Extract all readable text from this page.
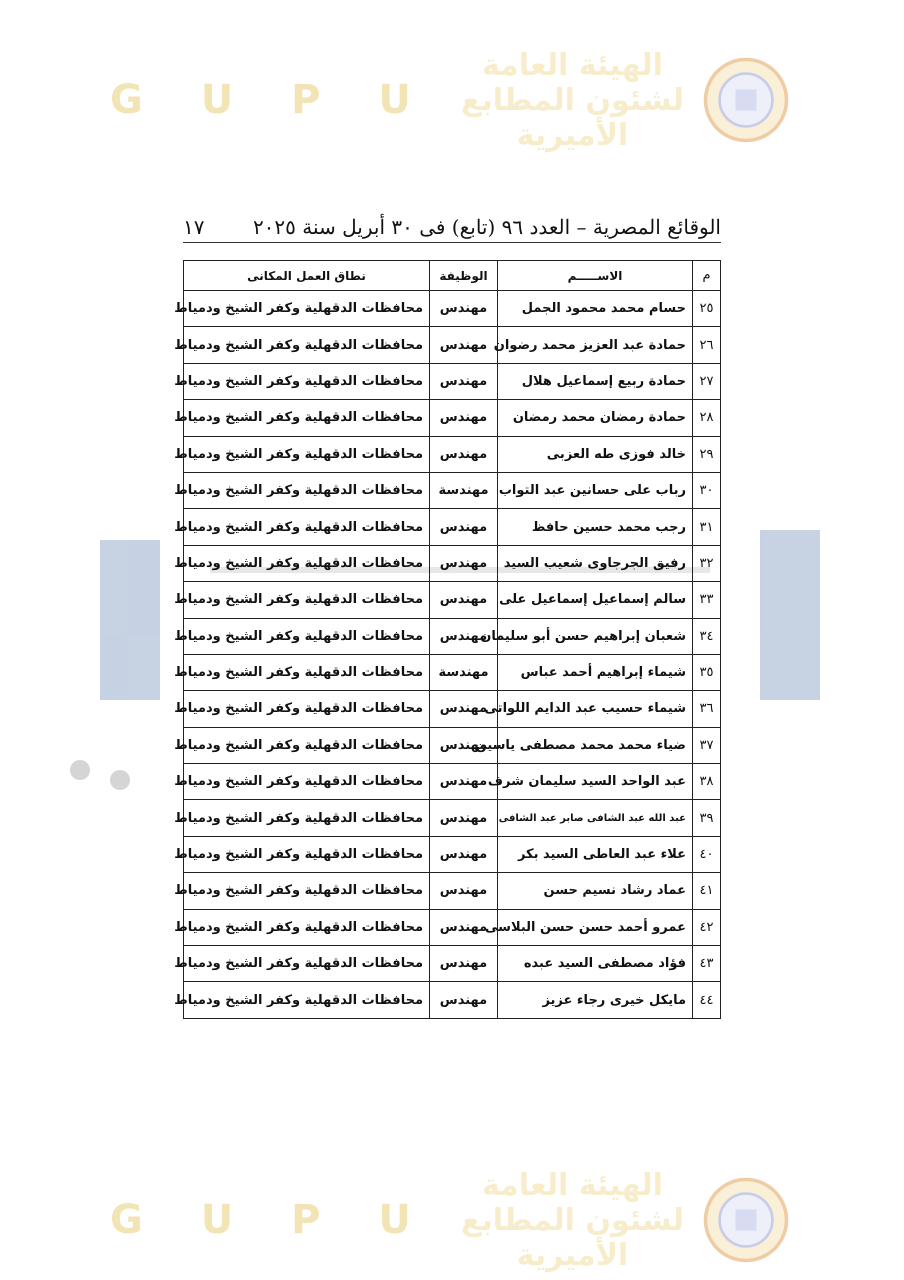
G U P U
الهيئة العامة لشئون المطابع الأميرية
G U P U
الهيئة العامة لشئون المطابع الأميرية
الوقائع المصرية – العدد ٩٦ (تابع) فى ٣٠ أبريل سنة ٢٠٢٥
١٧
م	الاســـــم	الوظيفة	نطاق العمل المكانى
٢٥	حسام محمد محمود الجمل	مهندس	محافظات الدقهلية وكفر الشيخ ودمياط
٢٦	حمادة عبد العزيز محمد رضوان	مهندس	محافظات الدقهلية وكفر الشيخ ودمياط
٢٧	حمادة ربيع إسماعيل هلال	مهندس	محافظات الدقهلية وكفر الشيخ ودمياط
٢٨	حمادة رمضان محمد رمضان	مهندس	محافظات الدقهلية وكفر الشيخ ودمياط
٢٩	خالد فوزى طه العزبى	مهندس	محافظات الدقهلية وكفر الشيخ ودمياط
٣٠	رباب على حسانين عبد التواب	مهندسة	محافظات الدقهلية وكفر الشيخ ودمياط
٣١	رجب محمد حسين حافظ	مهندس	محافظات الدقهلية وكفر الشيخ ودمياط
٣٢	رفيق الجرجاوى شعيب السيد	مهندس	محافظات الدقهلية وكفر الشيخ ودمياط
٣٣	سالم إسماعيل إسماعيل على	مهندس	محافظات الدقهلية وكفر الشيخ ودمياط
٣٤	شعبان إبراهيم حسن أبو سليمان	مهندس	محافظات الدقهلية وكفر الشيخ ودمياط
٣٥	شيماء إبراهيم أحمد عباس	مهندسة	محافظات الدقهلية وكفر الشيخ ودمياط
٣٦	شيماء حسيب عبد الدايم اللواتى	مهندس	محافظات الدقهلية وكفر الشيخ ودمياط
٣٧	ضياء محمد محمد مصطفى ياسين	مهندس	محافظات الدقهلية وكفر الشيخ ودمياط
٣٨	عبد الواحد السيد سليمان شرف	مهندس	محافظات الدقهلية وكفر الشيخ ودمياط
٣٩	عبد الله عبد الشافى صابر عبد الشافى	مهندس	محافظات الدقهلية وكفر الشيخ ودمياط
٤٠	علاء عبد العاطى السيد بكر	مهندس	محافظات الدقهلية وكفر الشيخ ودمياط
٤١	عماد رشاد نسيم حسن	مهندس	محافظات الدقهلية وكفر الشيخ ودمياط
٤٢	عمرو أحمد حسن حسن البلاسى	مهندس	محافظات الدقهلية وكفر الشيخ ودمياط
٤٣	فؤاد مصطفى السيد عبده	مهندس	محافظات الدقهلية وكفر الشيخ ودمياط
٤٤	مايكل خيرى رجاء عزيز	مهندس	محافظات الدقهلية وكفر الشيخ ودمياط
